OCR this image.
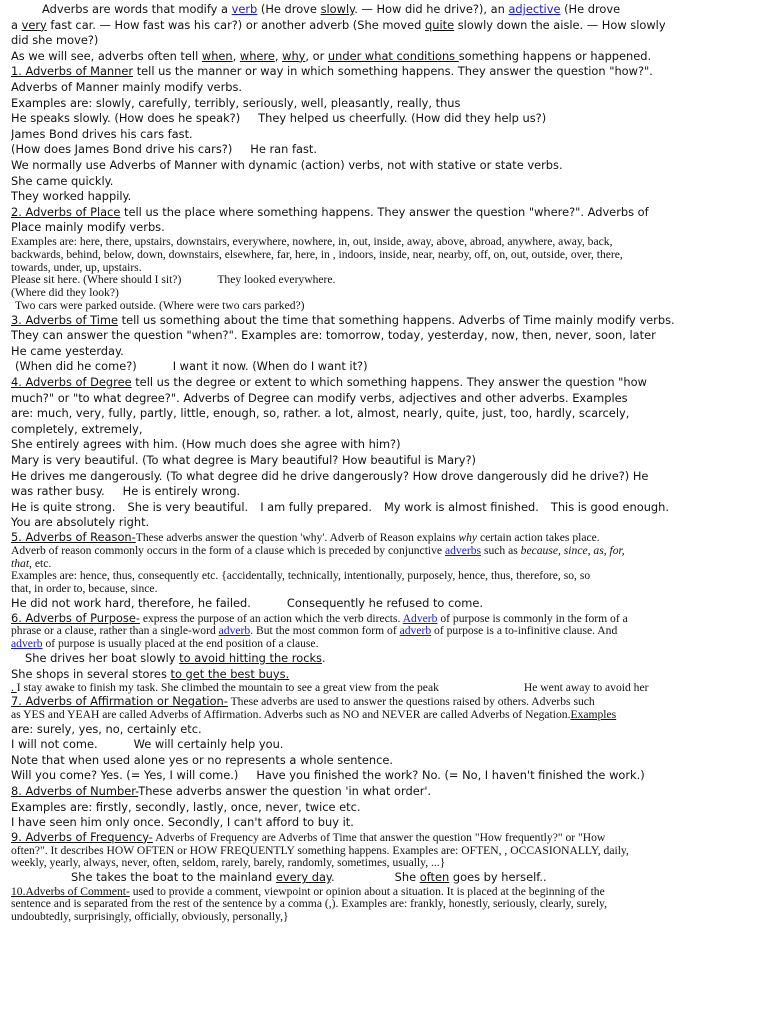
Adverbs are words that modify a verb (He drove slowly. — How did he drive?), an adjective (He drove

a very fast car. — How fast was his car?) or another adverb (She moved quite slowly down the aisle. — How slowly

did she move?)

As we will see, adverbs often tell when, where, why, or under what conditions something happens or happened.

1. Adverbs of Manner tell us the manner or way in which something happens. They answer the question "how?".

Adverbs of Manner mainly modify verbs.

Examples are: slowly, carefully, terribly, seriously, well, pleasantly, really, thus

He speaks slowly. (How does he speak?) They helped us cheerfully. (How did they help us?)

James Bond drives his cars fast.

(How does James Bond drive his cars?) He ran fast.

We normally use Adverbs of Manner with dynamic (action) verbs, not with stative or state verbs.

She came quickly.

They worked happily.

2. Adverbs of Place tell us the place where something happens. They answer the question "where?". Adverbs of

Place mainly modify verbs.

Examples are: here, there, upstairs, downstairs, everywhere, nowhere, in, out, inside, away, above, abroad, anywhere, away, back,

backwards, behind, below, down, downstairs, elsewhere, far, here, in , indoors, inside, near, nearby, off, on, out, outside, over, there,

towards, under, up, upstairs.

Please sit here. (Where should I sit?)	They looked everywhere.

(Where did they look?)

Two cars were parked outside. (Where were two cars parked?)

3. Adverbs of Time tell us something about the time that something happens. Adverbs of Time mainly modify verbs.

They can answer the question "when?". Examples are: tomorrow, today, yesterday, now, then, never, soon, later

He came yesterday.

(When did he come?)	I want it now. (When do I want it?)

4. Adverbs of Degree tell us the degree or extent to which something happens. They answer the question "how

much?" or "to what degree?". Adverbs of Degree can modify verbs, adjectives and other adverbs. Examples

are: much, very, fully, partly, little, enough, so, rather. a lot, almost, nearly, quite, just, too, hardly, scarcely,

completely, extremely,

She entirely agrees with him. (How much does she agree with him?)

Mary is very beautiful. (To what degree is Mary beautiful? How beautiful is Mary?)

He drives me dangerously. (To what degree did he drive dangerously? How drove dangerously did he drive?) He

was rather busy. He is entirely wrong.

He is quite strong. She is very beautiful. I am fully prepared. My work is almost finished. This is good enough.

You are absolutely right.

5. Adverbs of Reason-These adverbs answer the question 'why'. Adverb of Reason explains why certain action takes place.

Adverb of reason commonly occurs in the form of a clause which is preceded by conjunctive adverbs such as because, since, as, for,

that, etc.

Examples are: hence, thus, consequently etc. {accidentally, technically, intentionally, purposely, hence, thus, therefore, so, so

that, in order to, because, since.

He did not work hard, therefore, he failed.	Consequently he refused to come.

6. Adverbs of Purpose- express the purpose of an action which the verb directs. Adverb of purpose is commonly in the form of a

phrase or a clause, rather than a single-word adverb. But the most common form of adverb of purpose is a to-infinitive clause. And

adverb of purpose is usually placed at the end position of a clause.

She drives her boat slowly to avoid hitting the rocks.

She shops in several stores to get the best buys.

. I stay awake to finish my task. She climbed the mountain to see a great view from the peak	He went away to avoid her

7. Adverbs of Affirmation or Negation- These adverbs are used to answer the questions raised by others. Adverbs such

as YES and YEAH are called Adverbs of Affirmation. Adverbs such as NO and NEVER are called Adverbs of Negation.Examples

are: surely, yes, no, certainly etc.

I will not come.	We will certainly help you.

Note that when used alone yes or no represents a whole sentence.

Will you come? Yes. (= Yes, I will come.) Have you finished the work? No. (= No, I haven't finished the work.)

8. Adverbs of Number-These adverbs answer the question 'in what order'.

Examples are: firstly, secondly, lastly, once, never, twice etc.

I have seen him only once. Secondly, I can't afford to buy it.

9. Adverbs of Frequency- Adverbs of Frequency are Adverbs of Time that answer the question "How frequently?" or "How

often?". It describes HOW OFTEN or HOW FREQUENTLY something happens. Examples are: OFTEN, , OCCASIONALLY, daily,

weekly, yearly, always, never, often, seldom, rarely, barely, randomly, sometimes, usually, ...}

She takes the boat to the mainland every day.	She often goes by herself..

10.Adverbs of Comment- used to provide a comment, viewpoint or opinion about a situation. It is placed at the beginning of the

sentence and is separated from the rest of the sentence by a comma (,). Examples are: frankly, honestly, seriously, clearly, surely,

undoubtedly, surprisingly, officially, obviously, personally,}
